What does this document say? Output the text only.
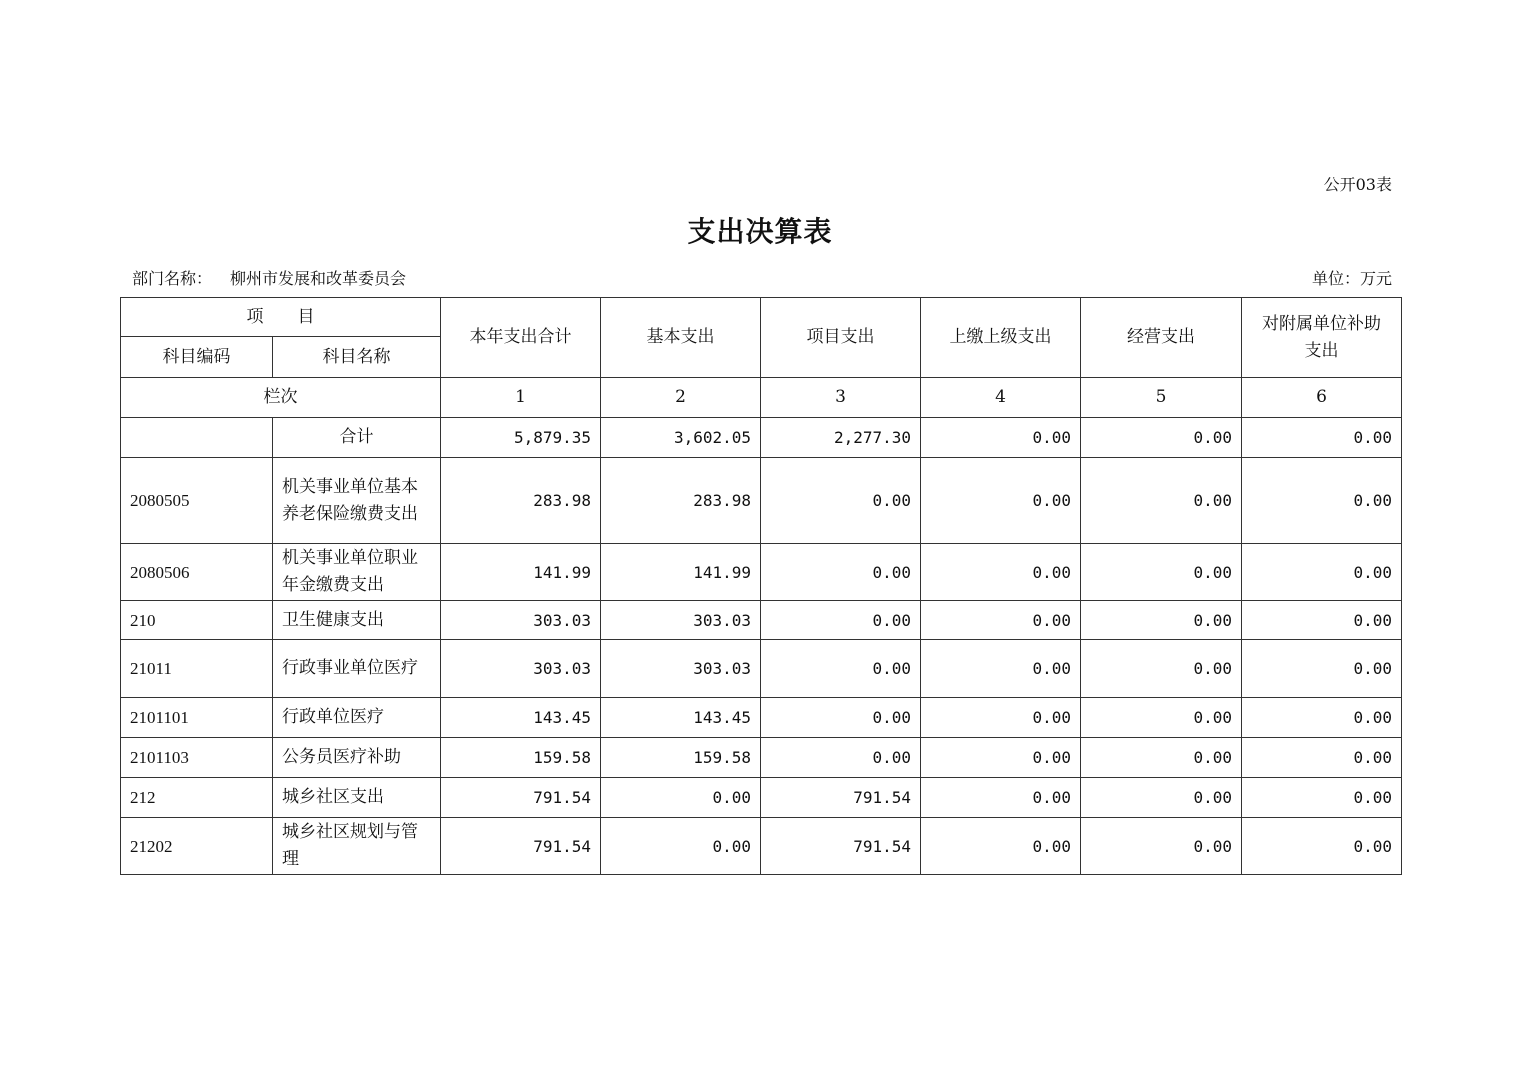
公开03表
支出决算表
部门名称： 柳州市发展和改革委员会	单位：万元
项　　目		本年支出合计	基本支出	项目支出	上缴上级支出	经营支出	对附属单位补助支出
科目编码	科目名称						
栏次		1	2	3	4	5	6
	合计	5,879.35	3,602.05	2,277.30	0.00	0.00	0.00
2080505	机关事业单位基本养老保险缴费支出	283.98	283.98	0.00	0.00	0.00	0.00
2080506	机关事业单位职业年金缴费支出	141.99	141.99	0.00	0.00	0.00	0.00
210	卫生健康支出	303.03	303.03	0.00	0.00	0.00	0.00
21011	行政事业单位医疗	303.03	303.03	0.00	0.00	0.00	0.00
2101101	行政单位医疗	143.45	143.45	0.00	0.00	0.00	0.00
2101103	公务员医疗补助	159.58	159.58	0.00	0.00	0.00	0.00
212	城乡社区支出	791.54	0.00	791.54	0.00	0.00	0.00
21202	城乡社区规划与管理	791.54	0.00	791.54	0.00	0.00	0.00
